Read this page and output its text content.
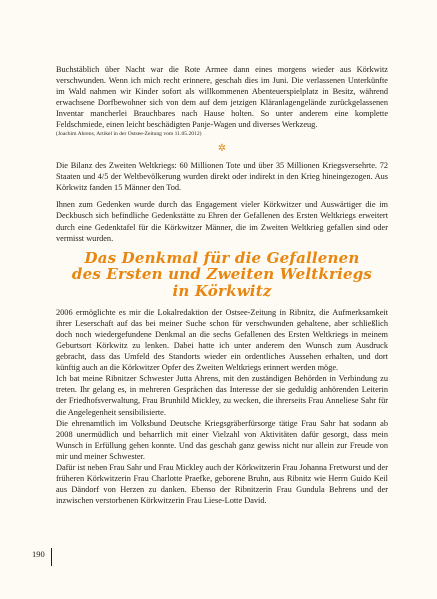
Buchstäblich über Nacht war die Rote Armee dann eines morgens wieder aus Körkwitz verschwunden. Wenn ich mich recht erinnere, geschah dies im Juni. Die verlassenen Unterkünfte im Wald nahmen wir Kinder sofort als willkommenen Abenteuerspielplatz in Besitz, während erwachsene Dorfbewohner sich von dem auf dem jetzigen Kläranlagengelände zurückgelassenen Inventar mancherlei Brauchbares nach Hause holten. So unter anderem eine komplette Feldschmiede, einen leicht beschädigten Panje-Wagen und diverses Werkzeug.

(Joachim Ahrens, Artikel in der Ostsee-Zeitung vom 11.05.2012)
✲

Die Bilanz des Zweiten Weltkriegs: 60 Millionen Tote und über 35 Millionen Kriegsversehrte. 72 Staaten und 4/5 der Weltbevölkerung wurden direkt oder indirekt in den Krieg hineingezogen. Aus Körkwitz fanden 15 Männer den Tod.

Ihnen zum Gedenken wurde durch das Engagement vieler Körkwitzer und Auswärtiger die im Deckbusch sich befindliche Gedenkstätte zu Ehren der Gefallenen des Ersten Weltkriegs erweitert durch eine Gedenktafel für die Körkwitzer Männer, die im Zweiten Weltkrieg gefallen sind oder vermisst wurden.

Das Denkmal für die Gefallenen
des Ersten und Zweiten Weltkriegs
in Körkwitz

2006 ermöglichte es mir die Lokalredaktion der Ostsee-Zeitung in Ribnitz, die Aufmerksamkeit ihrer Leserschaft auf das bei meiner Suche schon für verschwunden gehaltene, aber schließlich doch noch wiedergefundene Denkmal an die sechs Gefallenen des Ersten Weltkriegs in meinem Geburtsort Körkwitz zu lenken. Dabei hatte ich unter anderem den Wunsch zum Ausdruck gebracht, dass das Umfeld des Standorts wieder ein ordentliches Aussehen erhalten, und dort künftig auch an die Körkwitzer Opfer des Zweiten Weltkriegs erinnert werden möge.

Ich bat meine Ribnitzer Schwester Jutta Ahrens, mit den zuständigen Behörden in Verbindung zu treten. Ihr gelang es, in mehreren Gesprächen das Interesse der sie geduldig anhörenden Leiterin der Friedhofsverwaltung, Frau Brunhild Mickley, zu wecken, die ihrerseits Frau Anneliese Sahr für die Angelegenheit sensibilisierte.

Die ehrenamtlich im Volksbund Deutsche Kriegsgräberfürsorge tätige Frau Sahr hat sodann ab 2008 unermüdlich und beharrlich mit einer Vielzahl von Aktivitäten dafür gesorgt, dass mein Wunsch in Erfüllung gehen konnte. Und das geschah ganz gewiss nicht nur allein zur Freude von mir und meiner Schwester.

Dafür ist neben Frau Sahr und Frau Mickley auch der Körkwitzerin Frau Johanna Fretwurst und der früheren Körkwitzerin Frau Charlotte Praefke, geborene Bruhn, aus Ribnitz wie Herrn Guido Keil aus Dändorf von Herzen zu danken. Ebenso der Ribnitzerin Frau Gundula Behrens und der inzwischen verstorbenen Körkwitzerin Frau Liese-Lotte David.

190
